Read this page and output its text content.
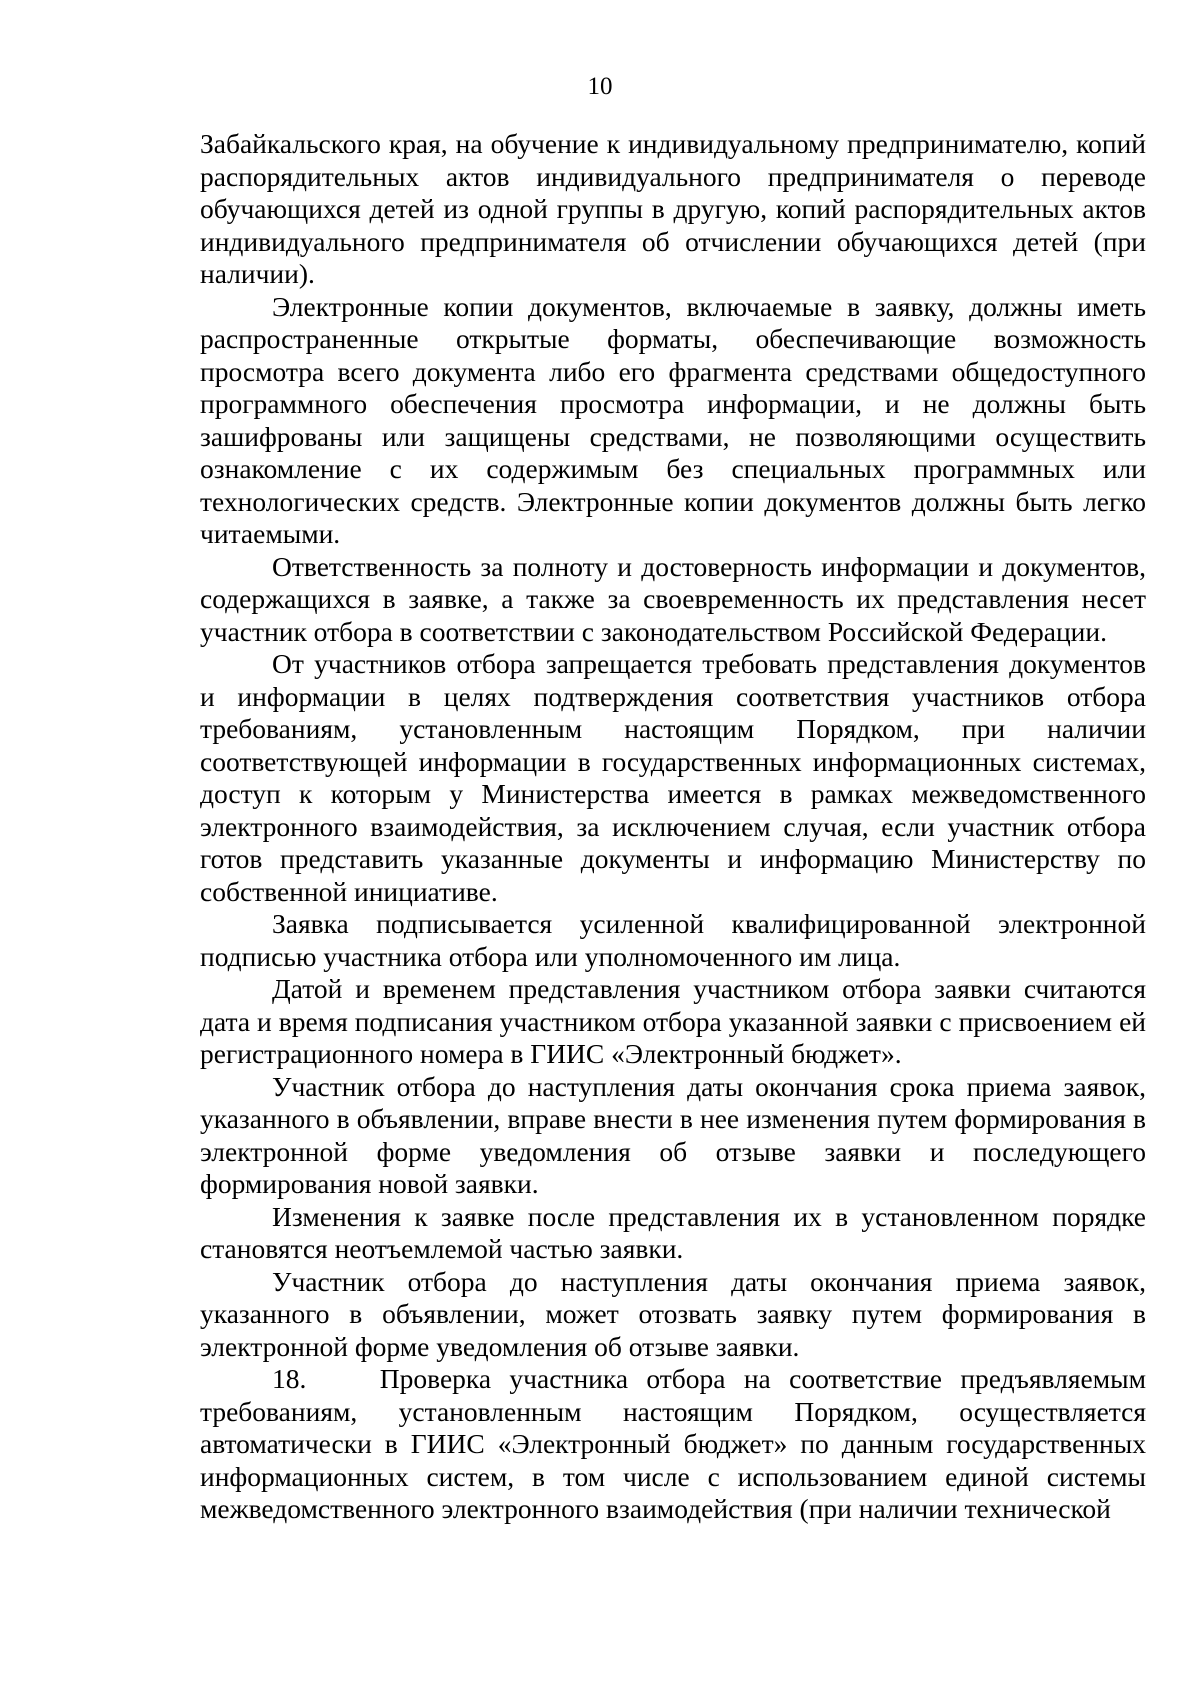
10

Забайкальского края, на обучение к индивидуальному предпринимателю, копий распорядительных актов индивидуального предпринимателя о переводе обучающихся детей из одной группы в другую, копий распорядительных актов индивидуального предпринимателя об отчислении обучающихся детей (при наличии).

Электронные копии документов, включаемые в заявку, должны иметь распространенные открытые форматы, обеспечивающие возможность просмотра всего документа либо его фрагмента средствами общедоступного программного обеспечения просмотра информации, и не должны быть зашифрованы или защищены средствами, не позволяющими осуществить ознакомление с их содержимым без специальных программных или технологических средств. Электронные копии документов должны быть легко читаемыми.

Ответственность за полноту и достоверность информации и документов, содержащихся в заявке, а также за своевременность их представления несет участник отбора в соответствии с законодательством Российской Федерации.

От участников отбора запрещается требовать представления документов и информации в целях подтверждения соответствия участников отбора требованиям, установленным настоящим Порядком, при наличии соответствующей информации в государственных информационных системах, доступ к которым у Министерства имеется в рамках межведомственного электронного взаимодействия, за исключением случая, если участник отбора готов представить указанные документы и информацию Министерству по собственной инициативе.

Заявка подписывается усиленной квалифицированной электронной подписью участника отбора или уполномоченного им лица.

Датой и временем представления участником отбора заявки считаются дата и время подписания участником отбора указанной заявки с присвоением ей регистрационного номера в ГИИС «Электронный бюджет».

Участник отбора до наступления даты окончания срока приема заявок, указанного в объявлении, вправе внести в нее изменения путем формирования в электронной форме уведомления об отзыве заявки и последующего формирования новой заявки.

Изменения к заявке после представления их в установленном порядке становятся неотъемлемой частью заявки.

Участник отбора до наступления даты окончания приема заявок, указанного в объявлении, может отозвать заявку путем формирования в электронной форме уведомления об отзыве заявки.

18.    Проверка участника отбора на соответствие предъявляемым требованиям, установленным настоящим Порядком, осуществляется автоматически в ГИИС «Электронный бюджет» по данным государственных информационных систем, в том числе с использованием единой системы межведомственного электронного взаимодействия (при наличии технической
